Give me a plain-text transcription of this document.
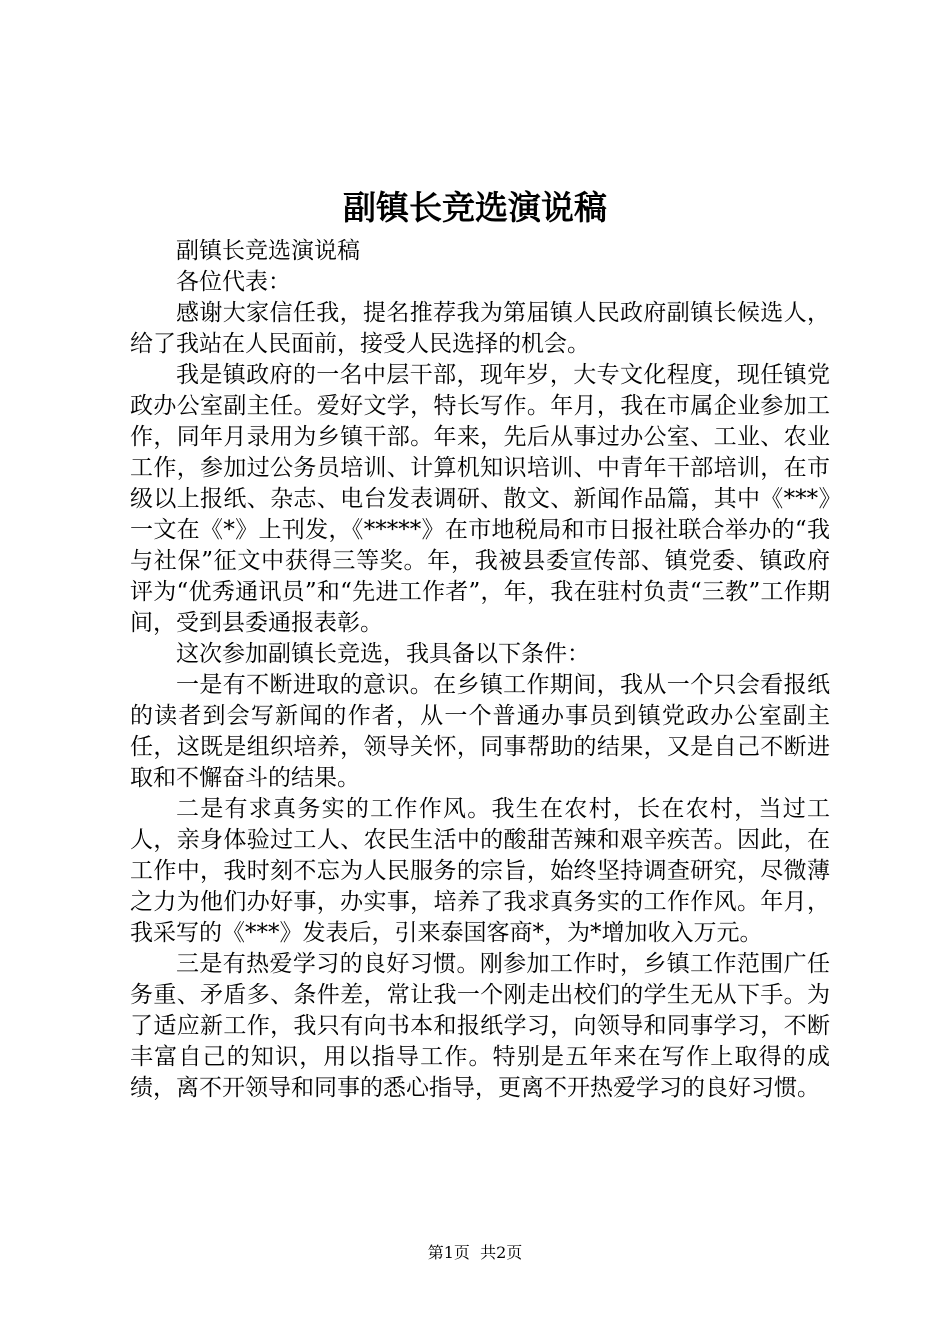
副镇长竞选演说稿

副镇长竞选演说稿

各位代表：

感谢大家信任我，提名推荐我为第届镇人民政府副镇长候选人，给了我站在人民面前，接受人民选择的机会。

我是镇政府的一名中层干部，现年岁，大专文化程度，现任镇党政办公室副主任。爱好文学，特长写作。年月，我在市属企业参加工作，同年月录用为乡镇干部。年来，先后从事过办公室、工业、农业工作，参加过公务员培训、计算机知识培训、中青年干部培训，在市级以上报纸、杂志、电台发表调研、散文、新闻作品篇，其中《***》一文在《*》上刊发，《*****》在市地税局和市日报社联合举办的“我与社保”征文中获得三等奖。年，我被县委宣传部、镇党委、镇政府评为“优秀通讯员”和“先进工作者”，年，我在驻村负责“三教”工作期间，受到县委通报表彰。

这次参加副镇长竞选，我具备以下条件：

一是有不断进取的意识。在乡镇工作期间，我从一个只会看报纸的读者到会写新闻的作者，从一个普通办事员到镇党政办公室副主任，这既是组织培养，领导关怀，同事帮助的结果，又是自己不断进取和不懈奋斗的结果。

二是有求真务实的工作作风。我生在农村，长在农村，当过工人，亲身体验过工人、农民生活中的酸甜苦辣和艰辛疾苦。因此，在工作中，我时刻不忘为人民服务的宗旨，始终坚持调查研究，尽微薄之力为他们办好事，办实事，培养了我求真务实的工作作风。年月，我采写的《***》发表后，引来泰国客商*，为*增加收入万元。

三是有热爱学习的良好习惯。刚参加工作时，乡镇工作范围广任务重、矛盾多、条件差，常让我一个刚走出校们的学生无从下手。为了适应新工作，我只有向书本和报纸学习，向领导和同事学习，不断丰富自己的知识，用以指导工作。特别是五年来在写作上取得的成绩，离不开领导和同事的悉心指导，更离不开热爱学习的良好习惯。

第1页  共2页
